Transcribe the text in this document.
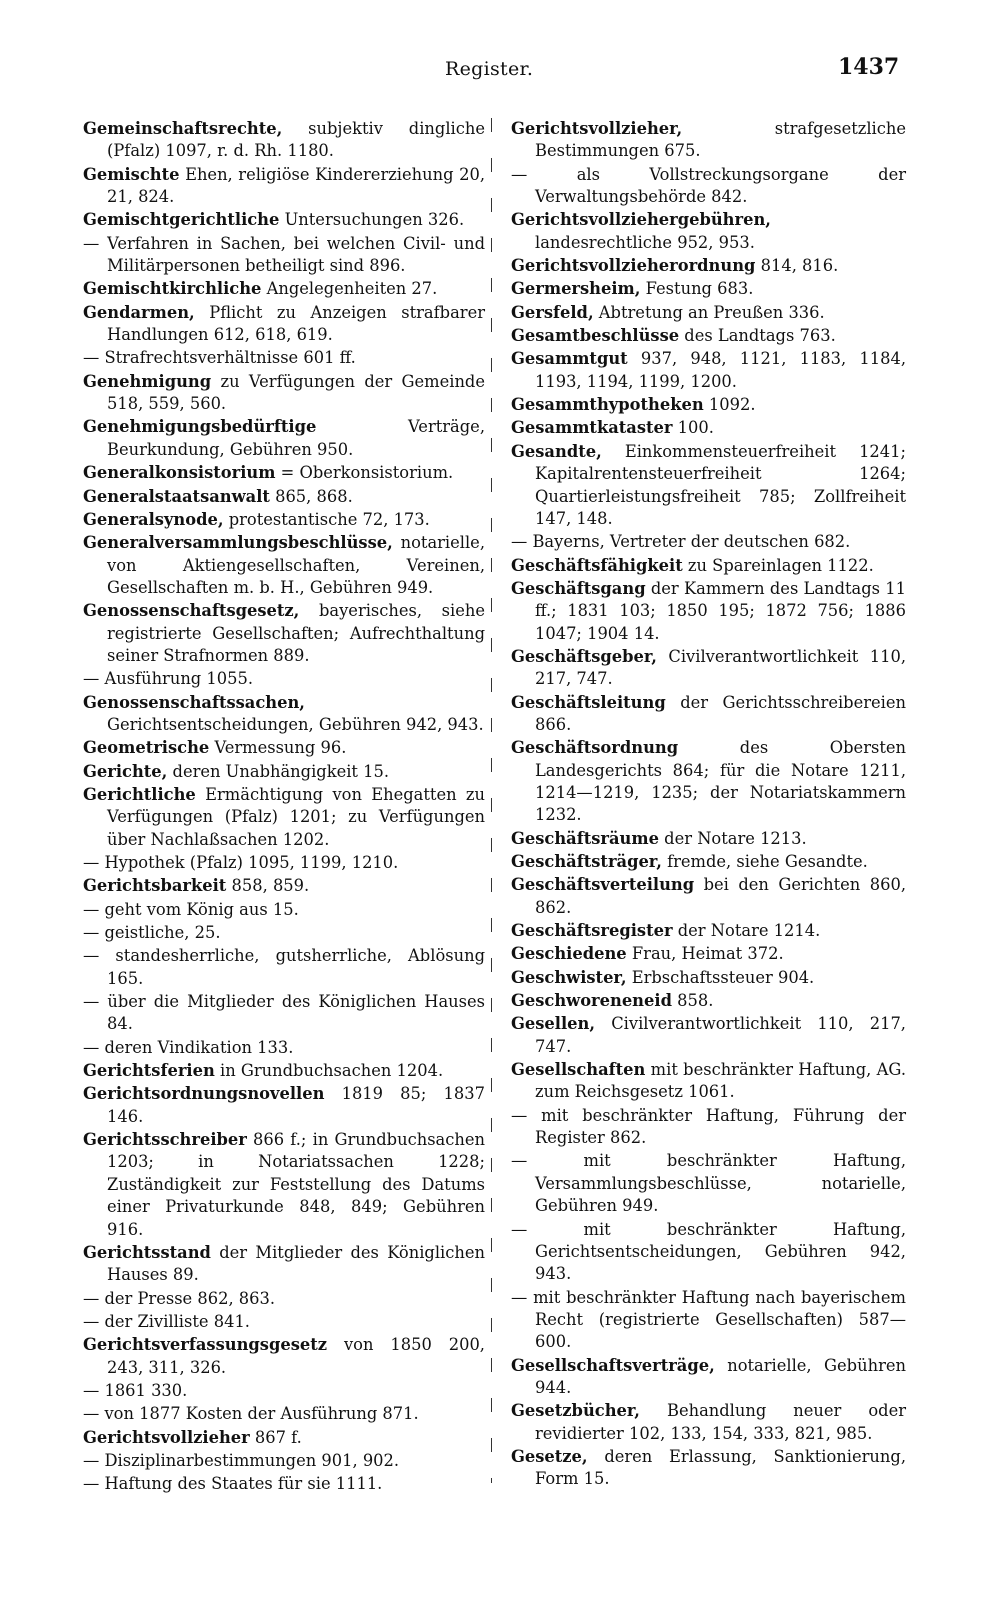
Register.	1437
Gemeinschaftsrechte, subjektiv dingliche (Pfalz) 1097, r. d. Rh. 1180.
Gemischte Ehen, religiöse Kindererziehung 20, 21, 824.
Gemischtgerichtliche Untersuchungen 326.
— Verfahren in Sachen, bei welchen Civil- und Militärpersonen betheiligt sind 896.
Gemischtkirchliche Angelegenheiten 27.
Gendarmen, Pflicht zu Anzeigen strafbarer Handlungen 612, 618, 619.
— Strafrechtsverhältnisse 601 ff.
Genehmigung zu Verfügungen der Gemeinde 518, 559, 560.
Genehmigungsbedürftige	Verträge, Beurkundung, Gebühren 950.
Generalkonsistorium = Oberkonsistorium.
Generalstaatsanwalt 865, 868.
Generalsynode, protestantische 72, 173.
Generalversammlungsbeschlüsse, notarielle, von Aktiengesellschaften, Vereinen, Gesellschaften m. b. H., Gebühren 949.
Genossenschaftsgesetz, bayerisches, siehe registrierte Gesellschaften; Aufrechthaltung seiner Strafnormen 889.
— Ausführung 1055.
Genossenschaftssachen, Gerichtsentscheidungen, Gebühren 942, 943.
Geometrische Vermessung 96.
Gerichte, deren Unabhängigkeit 15.
Gerichtliche Ermächtigung von Ehegatten zu Verfügungen (Pfalz) 1201; zu Verfügungen über Nachlaßsachen 1202.
— Hypothek (Pfalz) 1095, 1199, 1210.
Gerichtsbarkeit 858, 859.
— geht vom König aus 15.
— geistliche, 25.
— standesherrliche, gutsherrliche, Ablösung 165.
— über die Mitglieder des Königlichen Hauses 84.
— deren Vindikation 133.
Gerichtsferien in Grundbuchsachen 1204.
Gerichtsordnungsnovellen 1819 85; 1837 146.
Gerichtsschreiber 866 f.; in Grundbuchsachen 1203; in Notariatssachen 1228; Zuständigkeit zur Feststellung des Datums einer Privaturkunde 848, 849; Gebühren 916.
Gerichtsstand der Mitglieder des Königlichen Hauses 89.
— der Presse 862, 863.
— der Zivilliste 841.
Gerichtsverfassungsgesetz von 1850 200, 243, 311, 326.
— 1861 330.
— von 1877 Kosten der Ausführung 871.
Gerichtsvollzieher 867 f.
— Disziplinarbestimmungen 901, 902.
— Haftung des Staates für sie 1111.
Gerichtsvollzieher,	strafgesetzliche Bestimmungen 675.
— als Vollstreckungsorgane der Verwaltungsbehörde 842.
Gerichtsvollziehergebühren, landesrechtliche 952, 953.
Gerichtsvollzieherordnung 814, 816.
Germersheim, Festung 683.
Gersfeld, Abtretung an Preußen 336.
Gesamtbeschlüsse des Landtags 763.
Gesammtgut 937, 948, 1121, 1183, 1184, 1193, 1194, 1199, 1200.
Gesammthypotheken 1092.
Gesammtkataster 100.
Gesandte, Einkommensteuerfreiheit 1241; Kapitalrentensteuerfreiheit 1264; Quartierleistungsfreiheit 785; Zollfreiheit 147, 148.
— Bayerns, Vertreter der deutschen 682.
Geschäftsfähigkeit zu Spareinlagen 1122.
Geschäftsgang der Kammern des Landtags 11 ff.; 1831 103; 1850 195; 1872 756; 1886 1047; 1904 14.
Geschäftsgeber, Civilverantwortlichkeit 110, 217, 747.
Geschäftsleitung der Gerichtsschreibereien 866.
Geschäftsordnung	des Obersten Landesgerichts 864; für die Notare 1211, 1214—1219, 1235; der Notariatskammern 1232.
Geschäftsräume der Notare 1213.
Geschäftsträger, fremde, siehe Gesandte.
Geschäftsverteilung bei den Gerichten 860, 862.
Geschäftsregister der Notare 1214.
Geschiedene Frau, Heimat 372.
Geschwister, Erbschaftssteuer 904.
Geschworeneneid 858.
Gesellen, Civilverantwortlichkeit 110, 217, 747.
Gesellschaften mit beschränkter Haftung, AG. zum Reichsgesetz 1061.
— mit beschränkter Haftung, Führung der Register 862.
— mit beschränkter Haftung, Versammlungsbeschlüsse, notarielle, Gebühren 949.
— mit beschränkter Haftung, Gerichtsentscheidungen, Gebühren 942, 943.
— mit beschränkter Haftung nach bayerischem Recht (registrierte Gesellschaften) 587—600.
Gesellschaftsverträge, notarielle, Gebühren 944.
Gesetzbücher, Behandlung neuer oder revidierter 102, 133, 154, 333, 821, 985.
Gesetze, deren Erlassung, Sanktionierung, Form 15.
